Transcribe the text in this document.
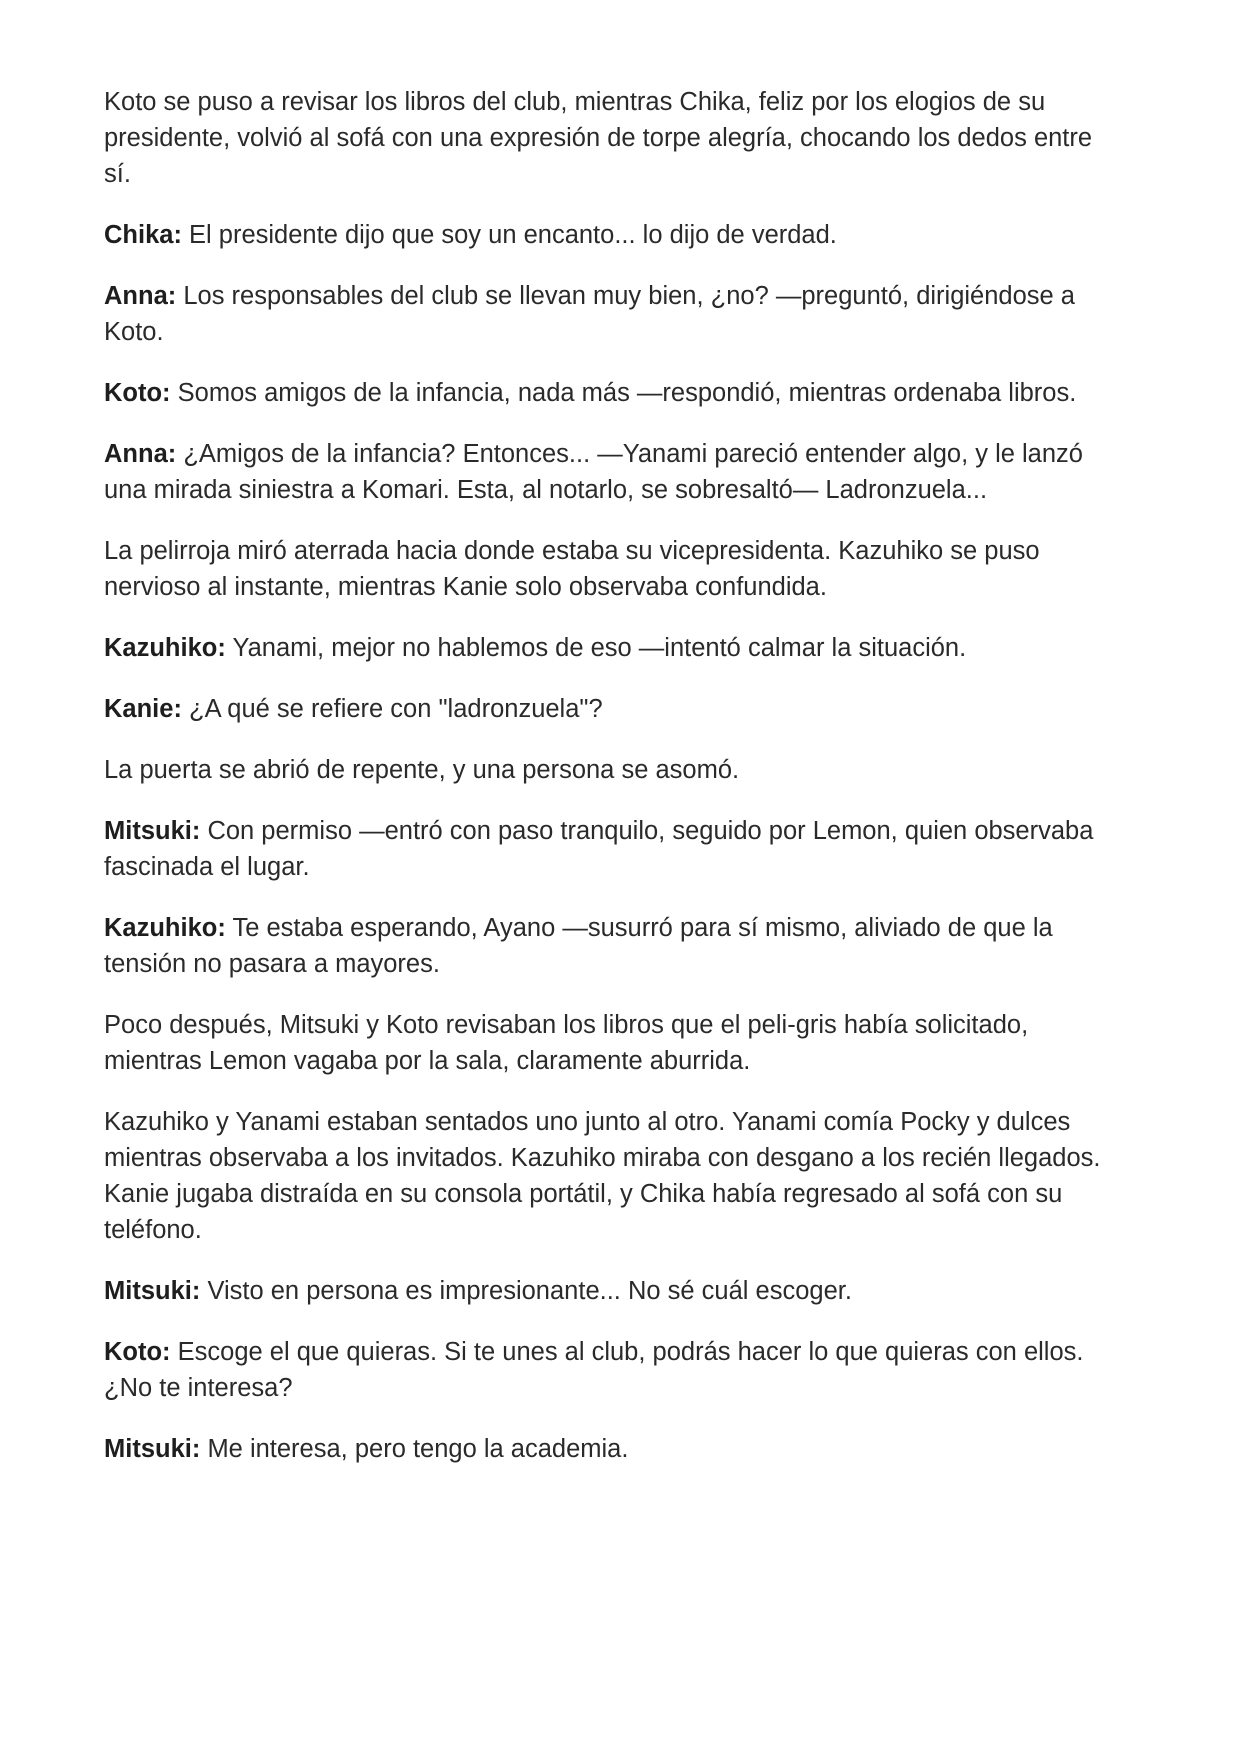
Koto se puso a revisar los libros del club, mientras Chika, feliz por los elogios de su presidente, volvió al sofá con una expresión de torpe alegría, chocando los dedos entre sí.

Chika: El presidente dijo que soy un encanto... lo dijo de verdad.

Anna: Los responsables del club se llevan muy bien, ¿no? —preguntó, dirigiéndose a Koto.

Koto: Somos amigos de la infancia, nada más —respondió, mientras ordenaba libros.

Anna: ¿Amigos de la infancia? Entonces... —Yanami pareció entender algo, y le lanzó una mirada siniestra a Komari. Esta, al notarlo, se sobresaltó— Ladronzuela...

La pelirroja miró aterrada hacia donde estaba su vicepresidenta. Kazuhiko se puso nervioso al instante, mientras Kanie solo observaba confundida.

Kazuhiko: Yanami, mejor no hablemos de eso —intentó calmar la situación.

Kanie: ¿A qué se refiere con "ladronzuela"?

La puerta se abrió de repente, y una persona se asomó.

Mitsuki: Con permiso —entró con paso tranquilo, seguido por Lemon, quien observaba fascinada el lugar.

Kazuhiko: Te estaba esperando, Ayano —susurró para sí mismo, aliviado de que la tensión no pasara a mayores.

Poco después, Mitsuki y Koto revisaban los libros que el peli-gris había solicitado, mientras Lemon vagaba por la sala, claramente aburrida.

Kazuhiko y Yanami estaban sentados uno junto al otro. Yanami comía Pocky y dulces mientras observaba a los invitados. Kazuhiko miraba con desgano a los recién llegados. Kanie jugaba distraída en su consola portátil, y Chika había regresado al sofá con su teléfono.

Mitsuki: Visto en persona es impresionante... No sé cuál escoger.

Koto: Escoge el que quieras. Si te unes al club, podrás hacer lo que quieras con ellos. ¿No te interesa?

Mitsuki: Me interesa, pero tengo la academia.
